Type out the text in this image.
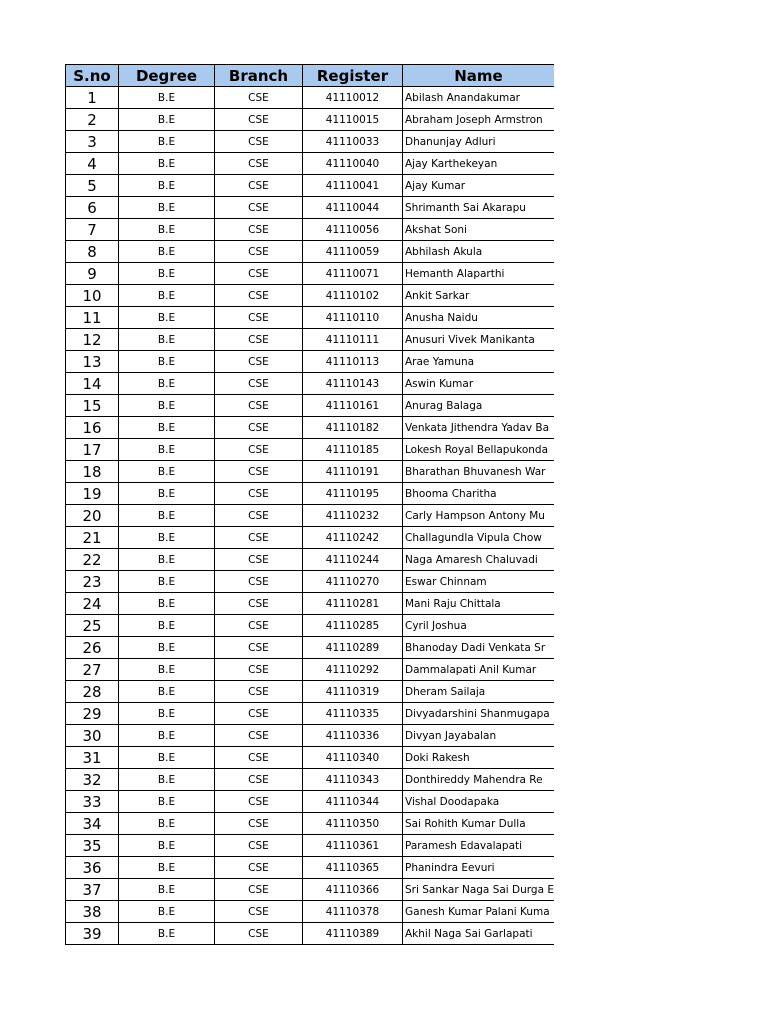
S.no	Degree	Branch	Register	Name
1	B.E	CSE	41110012	Abilash Anandakumar

2	B.E	CSE	41110015	Abraham Joseph Armstron

3	B.E	CSE	41110033	Dhanunjay Adluri

4	B.E	CSE	41110040	Ajay Karthekeyan

5	B.E	CSE	41110041	Ajay Kumar

6	B.E	CSE	41110044	Shrimanth Sai Akarapu

7	B.E	CSE	41110056	Akshat Soni

8	B.E	CSE	41110059	Abhilash Akula

9	B.E	CSE	41110071	Hemanth Alaparthi

10	B.E	CSE	41110102	Ankit Sarkar

11	B.E	CSE	41110110	Anusha Naidu

12	B.E	CSE	41110111	Anusuri Vivek Manikanta

13	B.E	CSE	41110113	Arae Yamuna

14	B.E	CSE	41110143	Aswin Kumar

15	B.E	CSE	41110161	Anurag Balaga

16	B.E	CSE	41110182	Venkata Jithendra Yadav Ba

17	B.E	CSE	41110185	Lokesh Royal Bellapukonda

18	B.E	CSE	41110191	Bharathan Bhuvanesh War

19	B.E	CSE	41110195	Bhooma Charitha

20	B.E	CSE	41110232	Carly Hampson Antony Mu

21	B.E	CSE	41110242	Challagundla Vipula Chow

22	B.E	CSE	41110244	Naga Amaresh Chaluvadi

23	B.E	CSE	41110270	Eswar Chinnam

24	B.E	CSE	41110281	Mani Raju Chittala

25	B.E	CSE	41110285	Cyril Joshua

26	B.E	CSE	41110289	Bhanoday Dadi Venkata Sr

27	B.E	CSE	41110292	Dammalapati Anil Kumar

28	B.E	CSE	41110319	Dheram Sailaja

29	B.E	CSE	41110335	Divyadarshini Shanmugapa

30	B.E	CSE	41110336	Divyan Jayabalan

31	B.E	CSE	41110340	Doki Rakesh

32	B.E	CSE	41110343	Donthireddy Mahendra Re

33	B.E	CSE	41110344	Vishal Doodapaka

34	B.E	CSE	41110350	Sai Rohith Kumar Dulla

35	B.E	CSE	41110361	Paramesh Edavalapati

36	B.E	CSE	41110365	Phanindra Eevuri

37	B.E	CSE	41110366	Sri Sankar Naga Sai Durga E

38	B.E	CSE	41110378	Ganesh Kumar Palani Kuma

39	B.E	CSE	41110389	Akhil Naga Sai Garlapati
